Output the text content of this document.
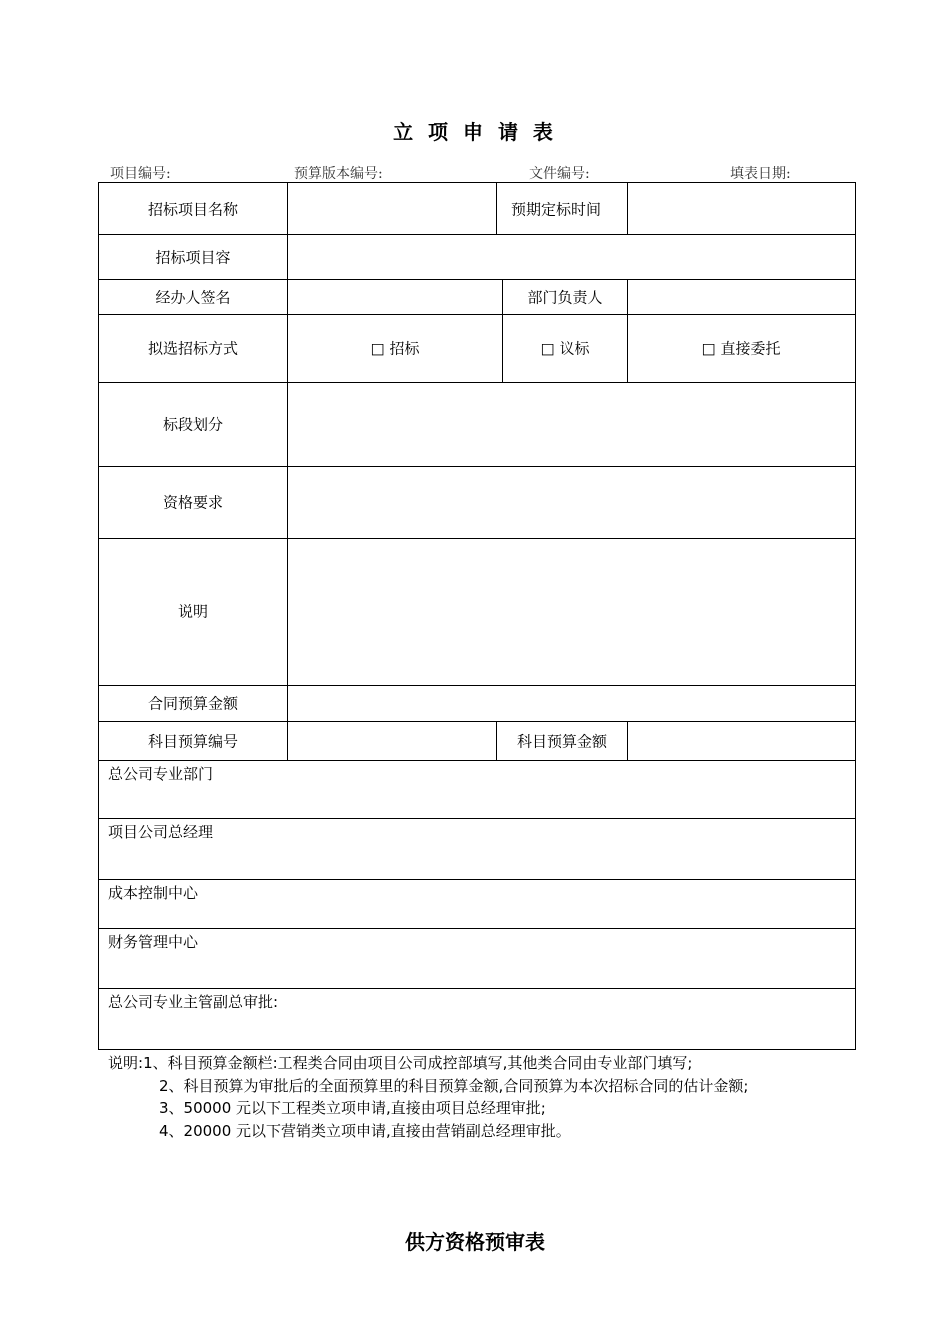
立 项 申 请 表
项目编号:	预算版本编号:	文件编号:	填表日期:
招标项目名称	预期定标时间
招标项目容
经办人签名	部门负责人
拟选招标方式	□ 招标	□ 议标	□ 直接委托
标段划分
资格要求
说明
合同预算金额
科目预算编号	科目预算金额
总公司专业部门
项目公司总经理
成本控制中心
财务管理中心
总公司专业主管副总审批:
说明:1、科目预算金额栏:工程类合同由项目公司成控部填写,其他类合同由专业部门填写;
2、科目预算为审批后的全面预算里的科目预算金额,合同预算为本次招标合同的估计金额;
3、50000 元以下工程类立项申请,直接由项目总经理审批;
4、20000 元以下营销类立项申请,直接由营销副总经理审批。
供方资格预审表
